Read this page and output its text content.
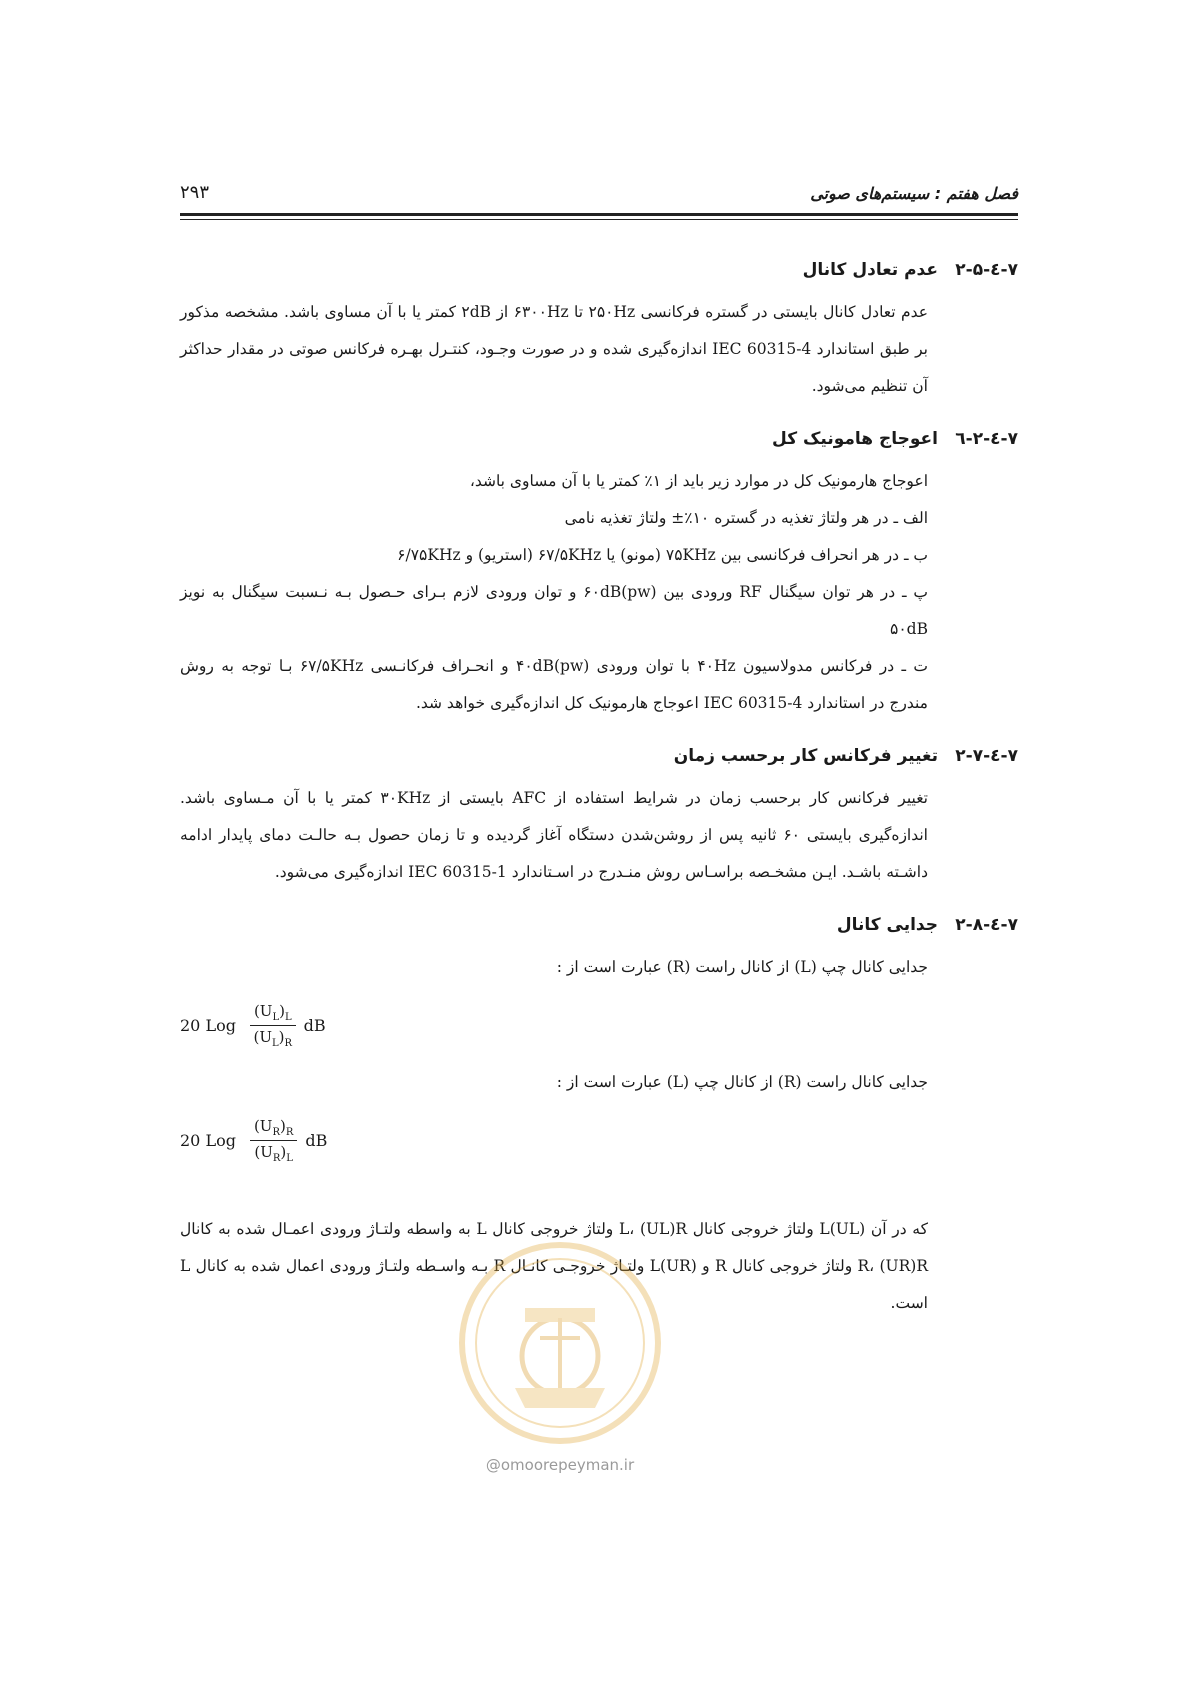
فصل هفتم : سیستم‌های صوتی
۲۹۳
۷-٤-۲-۵
عدم تعادل کانال

عدم تعادل کانال بایستی در گستره فرکانسی ۲۵۰Hz تا ۶۳۰۰Hz از ۲dB کمتر یا با آن مساوی باشد. مشخصه مذکور بر طبق استاندارد IEC 60315-4 اندازه‌گیری شده و در صورت وجـود، کنتـرل بهـره فرکانس صوتی در مقدار حداکثر آن تنظیم می‌شود.

۷-٤-۲-٦
اعوجاج هامونیک کل

اعوجاج هارمونیک کل در موارد زیر باید از ۱٪ کمتر یا با آن مساوی باشد،

الف ـ در هر ولتاژ تغذیه در گستره ۱۰٪± ولتاژ تغذیه نامی

ب ـ در هر انحراف فرکانسی بین ۷۵KHz (مونو) یا ۶۷/۵KHz (استریو) و ۶/۷۵KHz

پ ـ در هر توان سیگنال RF ورودی بین ۶۰dB(pw) و توان ورودی لازم بـرای حـصول بـه نـسبت سیگنال به نویز ۵۰dB

ت ـ در فرکانس مدولاسیون ۴۰Hz با توان ورودی ۴۰dB(pw) و انحـراف فرکانـسی ۶۷/۵KHz بـا توجه به روش مندرج در استاندارد IEC 60315-4 اعوجاج هارمونیک کل اندازه‌گیری خواهد شد.

۷-٤-۲-۷
تغییر فرکانس کار برحسب زمان

تغییر فرکانس کار برحسب زمان در شرایط استفاده از AFC بایستی از ۳۰KHz کمتر یا با آن مـساوی باشد. اندازه‌گیری بایستی ۶۰ ثانیه پس از روشن‌شدن دستگاه آغاز گردیده و تا زمان حصول بـه حالـت دمای پایدار ادامه داشـته باشـد. ایـن مشخـصه براسـاس روش منـدرج در اسـتاندارد IEC 60315-1 اندازه‌گیری می‌شود.

۷-٤-۲-۸
جدایی کانال

جدایی کانال چپ (L) از کانال راست (R) عبارت است از :

20 Log $\frac{(U_L)_L}{(U_L)_R}$ dB

جدایی کانال راست (R) از کانال چپ (L) عبارت است از :

20 Log $\frac{(U_R)_R}{(U_R)_L}$ dB

که در آن (UL)L ولتاژ خروجی کانال L، (UL)R ولتاژ خروجی کانال L به واسطه ولتـاژ ورودی اعمـال شده به کانال R، (UR)R ولتاژ خروجی کانال R و (UR)L ولتـاژ خروجـی کانـال R بـه واسـطه ولتـاژ ورودی اعمال شده به کانال L است.

@omoorepeyman.ir
